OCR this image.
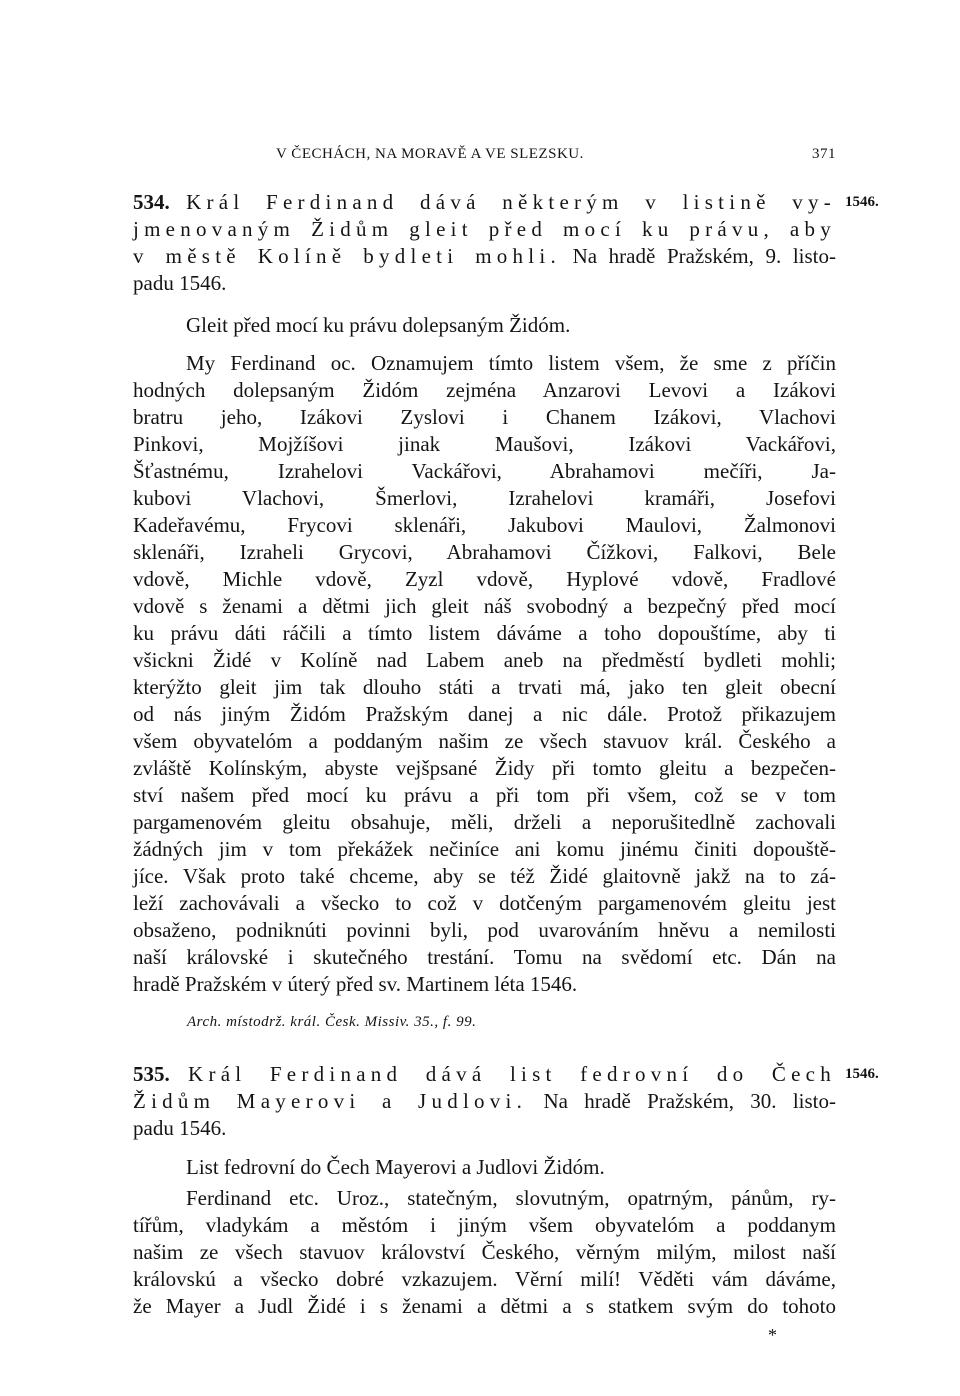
V ČECHÁCH, NA MORAVĚ A VE SLEZSKU.	371
534. Král Ferdinand dává některým v listině vy- 1546.
jmenovaným Židům gleit před mocí ku právu, aby
v městě Kolíně bydleti mohli. Na hradě Pražském, 9. listo-
padu 1546.
Gleit před mocí ku právu dolepsaným Židóm.
My Ferdinand oc. Oznamujem tímto listem všem, že sme z příčin
hodných dolepsaným Židóm zejména Anzarovi Levovi a Izákovi
bratru jeho, Izákovi Zyslovi i Chanem Izákovi, Vlachovi
Pinkovi, Mojžíšovi jinak Maušovi, Izákovi Vackářovi,
Šťastnému, Izrahelovi Vackářovi, Abrahamovi mečíři, Ja-
kubovi Vlachovi, Šmerlovi, Izrahelovi kramáři, Josefovi
Kadeřavému, Frycovi sklenáři, Jakubovi Maulovi, Žalmonovi
sklenáři, Izraheli Grycovi, Abrahamovi Čížkovi, Falkovi, Bele
vdově, Michle vdově, Zyzl vdově, Hyplové vdově, Fradlové
vdově s ženami a dětmi jich gleit náš svobodný a bezpečný před mocí
ku právu dáti ráčili a tímto listem dáváme a toho dopouštíme, aby ti
všickni Židé v Kolíně nad Labem aneb na předměstí bydleti mohli;
kterýžto gleit jim tak dlouho státi a trvati má, jako ten gleit obecní
od nás jiným Židóm Pražským danej a nic dále. Protož přikazujem
všem obyvatelóm a poddaným našim ze všech stavuov král. Českého a
zvláště Kolínským, abyste vejšpsané Židy při tomto gleitu a bezpečen-
ství našem před mocí ku právu a při tom při všem, což se v tom
pargamenovém gleitu obsahuje, měli, drželi a neporušitedlně zachovali
žádných jim v tom překážek nečiníce ani komu jinému činiti dopouště-
jíce. Však proto také chceme, aby se též Židé glaitovně jakž na to zá-
leží zachovávali a všecko to což v dotčeným pargamenovém gleitu jest
obsaženo, podniknúti povinni byli, pod uvarováním hněvu a nemilosti
naší královské i skutečného trestání. Tomu na svědomí etc. Dán na
hradě Pražském v úterý před sv. Martinem léta 1546.
Arch. místodrž. král. Česk. Missiv. 35., f. 99.
535. Král Ferdinand dává list fedrovní do Čech 1546.
Židům Mayerovi a Judlovi. Na hradě Pražském, 30. listo-
padu 1546.
List fedrovní do Čech Mayerovi a Judlovi Židóm.
Ferdinand etc. Uroz., statečným, slovutným, opatrným, pánům, ry-
tířům, vladykám a městóm i jiným všem obyvatelóm a poddanym
našim ze všech stavuov království Českého, věrným milým, milost naší
královskú a všecko dobré vzkazujem. Věrní milí! Věděti vám dáváme,
že Mayer a Judl Židé i s ženami a dětmi a s statkem svým do tohoto
*
